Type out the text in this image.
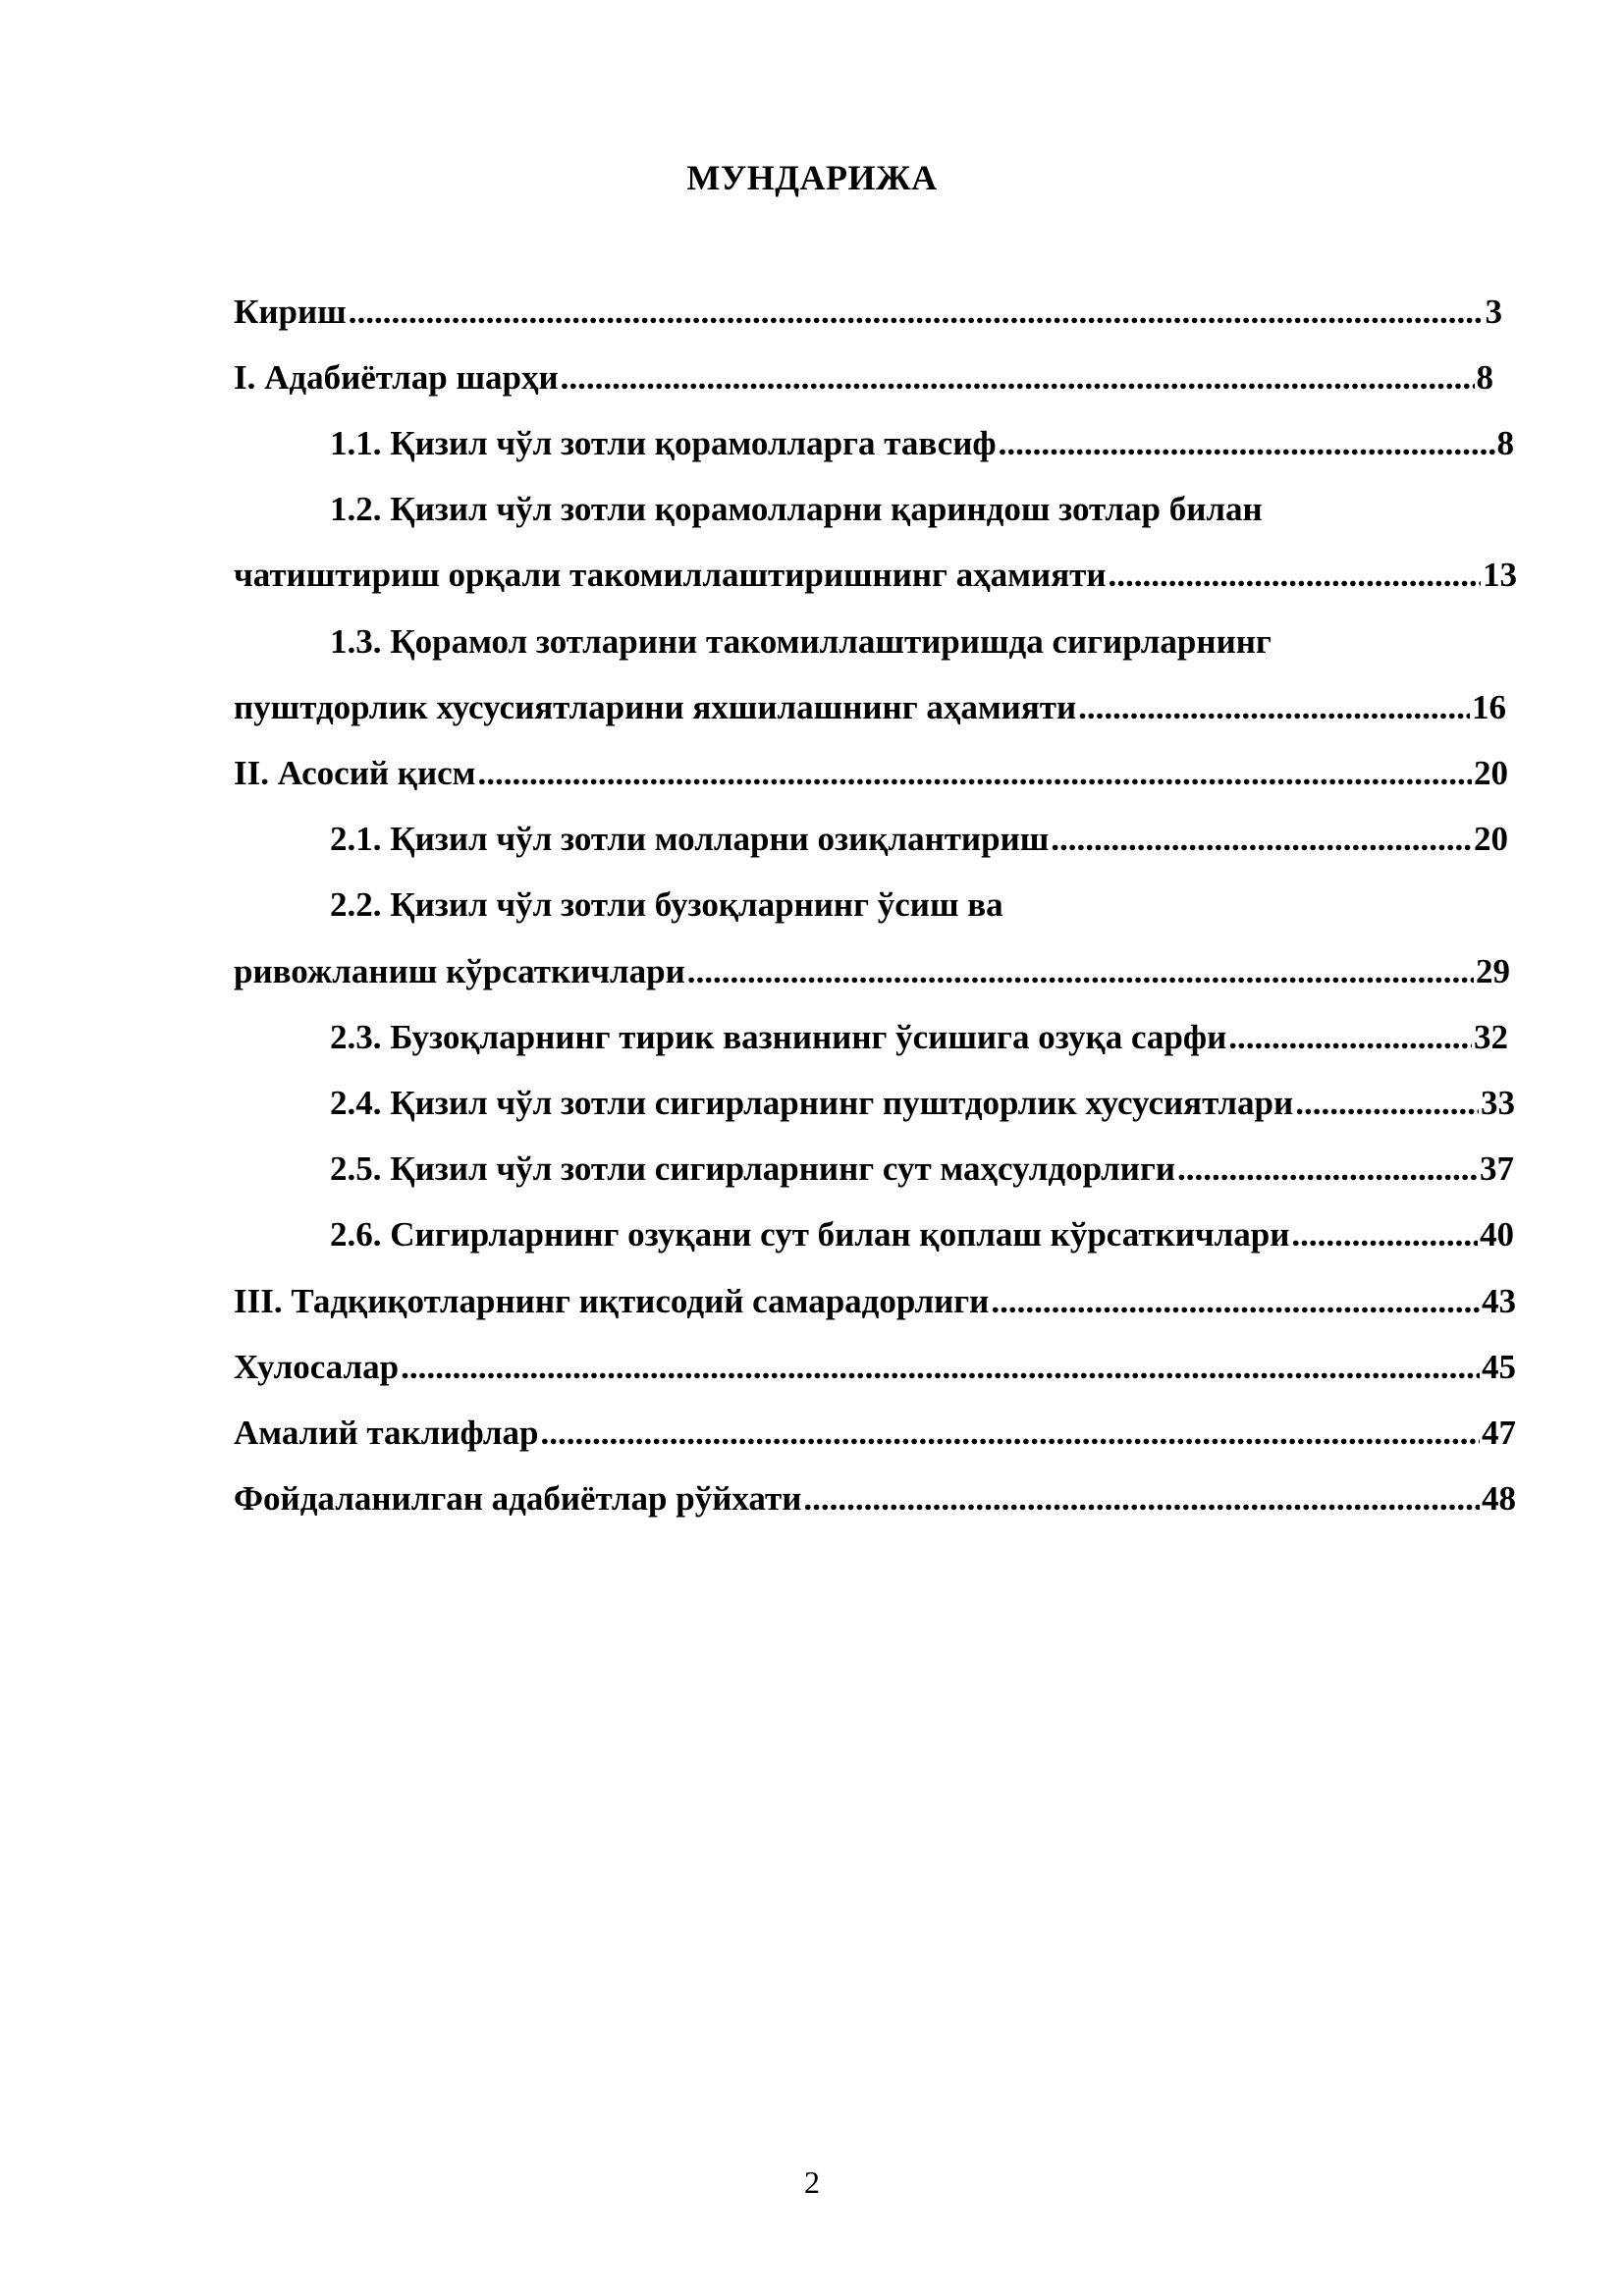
МУНДАРИЖА
Кириш .....	3
I. Адабиётлар шарҳи .....	8
1.1. Қизил чўл зотли қорамолларга тавсиф .....	8
1.2. Қизил чўл зотли қорамолларни қариндош зотлар билан
чатиштириш орқали такомиллаштиришнинг аҳамияти .....	13
1.3. Қорамол зотларини такомиллаштиришда сигирларнинг
пуштдорлик хусусиятларини яхшилашнинг аҳамияти .....	16
II. Асосий қисм .....	20
2.1. Қизил чўл зотли молларни озиқлантириш .....	20
2.2. Қизил чўл зотли бузоқларнинг ўсиш ва
ривожланиш кўрсаткичлари .....	29
2.3. Бузоқларнинг тирик вазнининг ўсишига озуқа сарфи .....	32
2.4. Қизил чўл зотли сигирларнинг пуштдорлик хусусиятлари .....	33
2.5. Қизил чўл зотли сигирларнинг сут маҳсулдорлиги .....	37
2.6. Сигирларнинг озуқани сут билан қоплаш кўрсаткичлари .....	40
III. Тадқиқотларнинг иқтисодий самарадорлиги .....	43
Хулосалар .....	45
Амалий таклифлар .....	47
Фойдаланилган адабиётлар рўйхати .....	48
2
